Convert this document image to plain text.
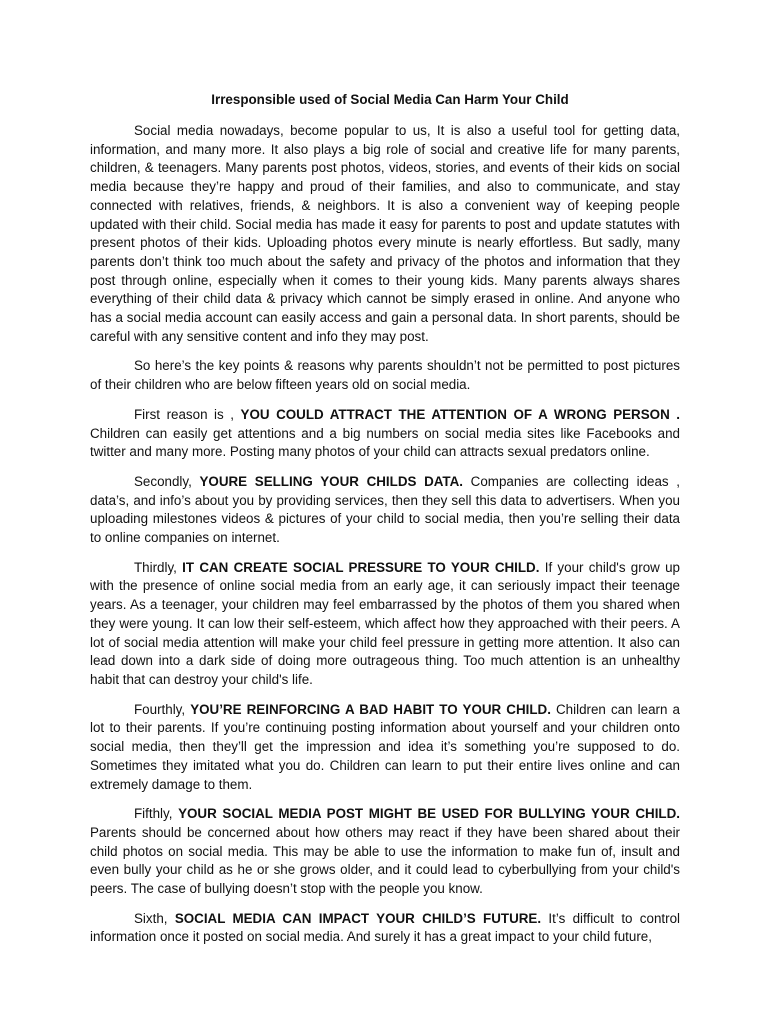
Irresponsible used of Social Media Can Harm Your Child

Social media nowadays, become popular to us, It is also a useful tool for getting data, information, and many more. It also plays a big role of social and creative life for many parents, children, & teenagers. Many parents post photos, videos, stories, and events of their kids on social media because they’re happy and proud of their families, and also to communicate, and stay connected with relatives, friends, & neighbors. It is also a convenient way of keeping people updated with their child. Social media has made it easy for parents to post and update statutes with present photos of their kids. Uploading photos every minute is nearly effortless. But sadly, many parents don’t think too much about the safety and privacy of the photos and information that they post through online, especially when it comes to their young kids. Many parents always shares everything of their child data & privacy which cannot be simply erased in online. And anyone who has a social media account can easily access and gain a personal data. In short parents, should be careful with any sensitive content and info they may post.

So here’s the key points & reasons why parents shouldn’t not be permitted to post pictures of their children who are below fifteen years old on social media.

First reason is , YOU COULD ATTRACT THE ATTENTION OF A WRONG PERSON . Children can easily get attentions and a big numbers on social media sites like Facebooks and twitter and many more. Posting many photos of your child can attracts sexual predators online.

Secondly, YOURE SELLING YOUR CHILDS DATA. Companies are collecting ideas , data’s, and info’s about you by providing services, then they sell this data to advertisers. When you uploading milestones videos & pictures of your child to social media, then you’re selling their data to online companies on internet.

Thirdly, IT CAN CREATE SOCIAL PRESSURE TO YOUR CHILD. If your child's grow up with the presence of online social media from an early age, it can seriously impact their teenage years. As a teenager, your children may feel embarrassed by the photos of them you shared when they were young. It can low their self-esteem, which affect how they approached with their peers. A lot of social media attention will make your child feel pressure in getting more attention. It also can lead down into a dark side of doing more outrageous thing. Too much attention is an unhealthy habit that can destroy your child's life.

Fourthly, YOU’RE REINFORCING A BAD HABIT TO YOUR CHILD. Children can learn a lot to their parents. If you’re continuing posting information about yourself and your children onto social media, then they’ll get the impression and idea it’s something you’re supposed to do. Sometimes they imitated what you do. Children can learn to put their entire lives online and can extremely damage to them.

Fifthly, YOUR SOCIAL MEDIA POST MIGHT BE USED FOR BULLYING YOUR CHILD. Parents should be concerned about how others may react if they have been shared about their child photos on social media. This may be able to use the information to make fun of, insult and even bully your child as he or she grows older, and it could lead to cyberbullying from your child's peers. The case of bullying doesn’t stop with the people you know.

Sixth, SOCIAL MEDIA CAN IMPACT YOUR CHILD’S FUTURE. It’s difficult to control information once it posted on social media. And surely it has a great impact to your child future,
